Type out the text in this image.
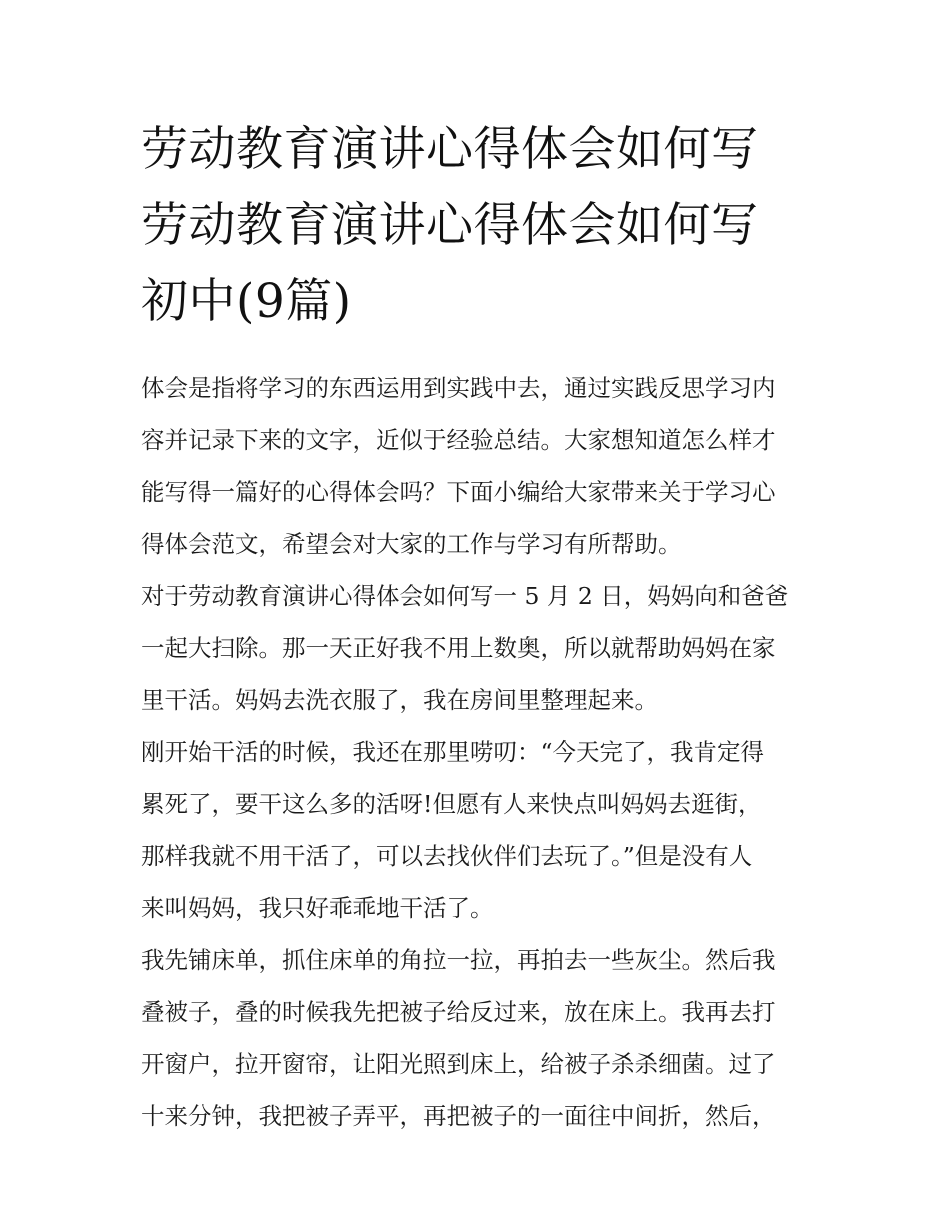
劳动教育演讲心得体会如何写
劳动教育演讲心得体会如何写
初中(9篇)

体会是指将学习的东西运用到实践中去，通过实践反思学习内
容并记录下来的文字，近似于经验总结。大家想知道怎么样才
能写得一篇好的心得体会吗？下面小编给大家带来关于学习心
得体会范文，希望会对大家的工作与学习有所帮助。

对于劳动教育演讲心得体会如何写一 5 月 2 日，妈妈向和爸爸
一起大扫除。那一天正好我不用上数奥，所以就帮助妈妈在家
里干活。妈妈去洗衣服了，我在房间里整理起来。

刚开始干活的时候，我还在那里唠叨：“今天完了，我肯定得
累死了，要干这么多的活呀!但愿有人来快点叫妈妈去逛街，
那样我就不用干活了，可以去找伙伴们去玩了。”但是没有人
来叫妈妈，我只好乖乖地干活了。

我先铺床单，抓住床单的角拉一拉，再拍去一些灰尘。然后我
叠被子，叠的时候我先把被子给反过来，放在床上。我再去打
开窗户，拉开窗帘，让阳光照到床上，给被子杀杀细菌。过了
十来分钟，我把被子弄平，再把被子的一面往中间折，然后，
